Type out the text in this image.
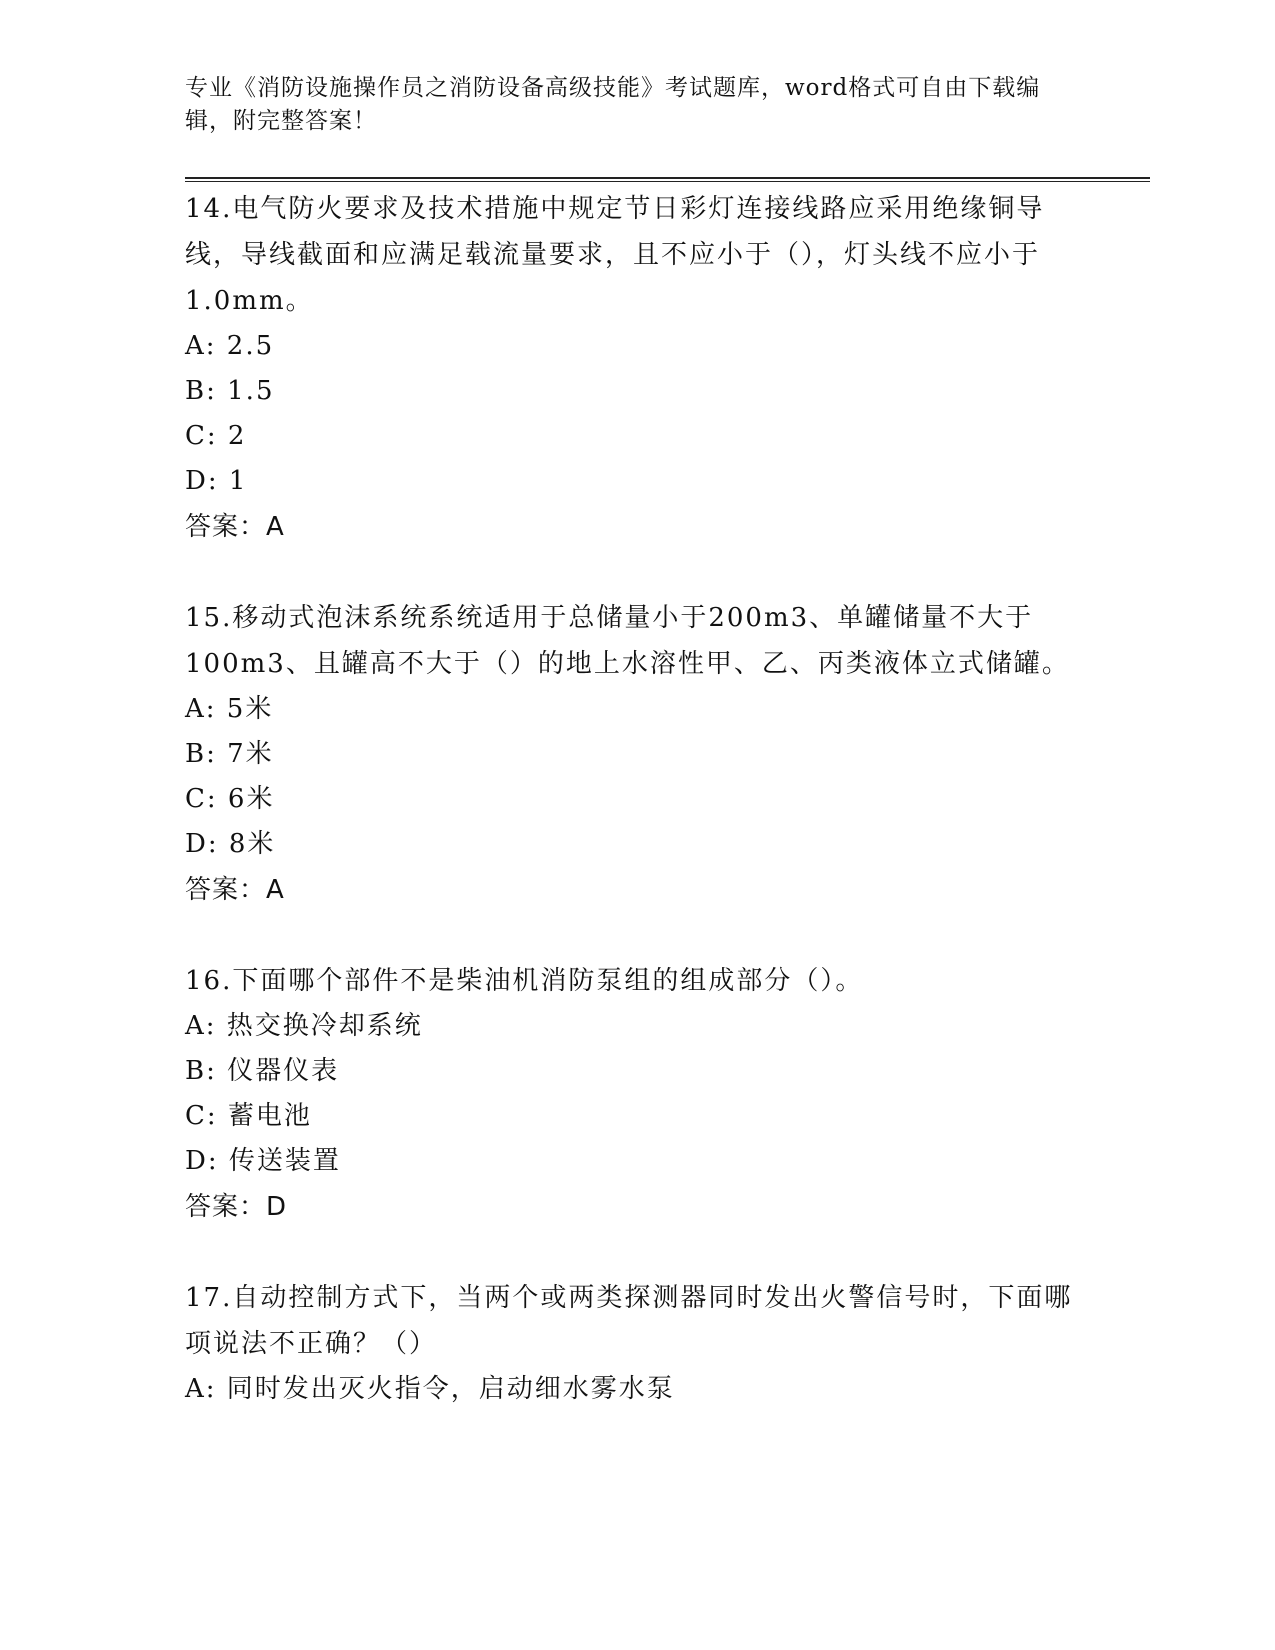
专业《消防设施操作员之消防设备高级技能》考试题库，word格式可自由下载编辑，附完整答案！

14.电气防火要求及技术措施中规定节日彩灯连接线路应采用绝缘铜导线，导线截面和应满足载流量要求，且不应小于（），灯头线不应小于1.0mm。

A: 2.5

B: 1.5

C: 2

D: 1

答案：A

15.移动式泡沫系统系统适用于总储量小于200m3、单罐储量不大于100m3、且罐高不大于（）的地上水溶性甲、乙、丙类液体立式储罐。

A: 5米

B: 7米

C: 6米

D: 8米

答案：A

16.下面哪个部件不是柴油机消防泵组的组成部分（）。

A: 热交换冷却系统

B: 仪器仪表

C: 蓄电池

D: 传送装置

答案：D

17.自动控制方式下，当两个或两类探测器同时发出火警信号时，下面哪项说法不正确？（）

A: 同时发出灭火指令，启动细水雾水泵
